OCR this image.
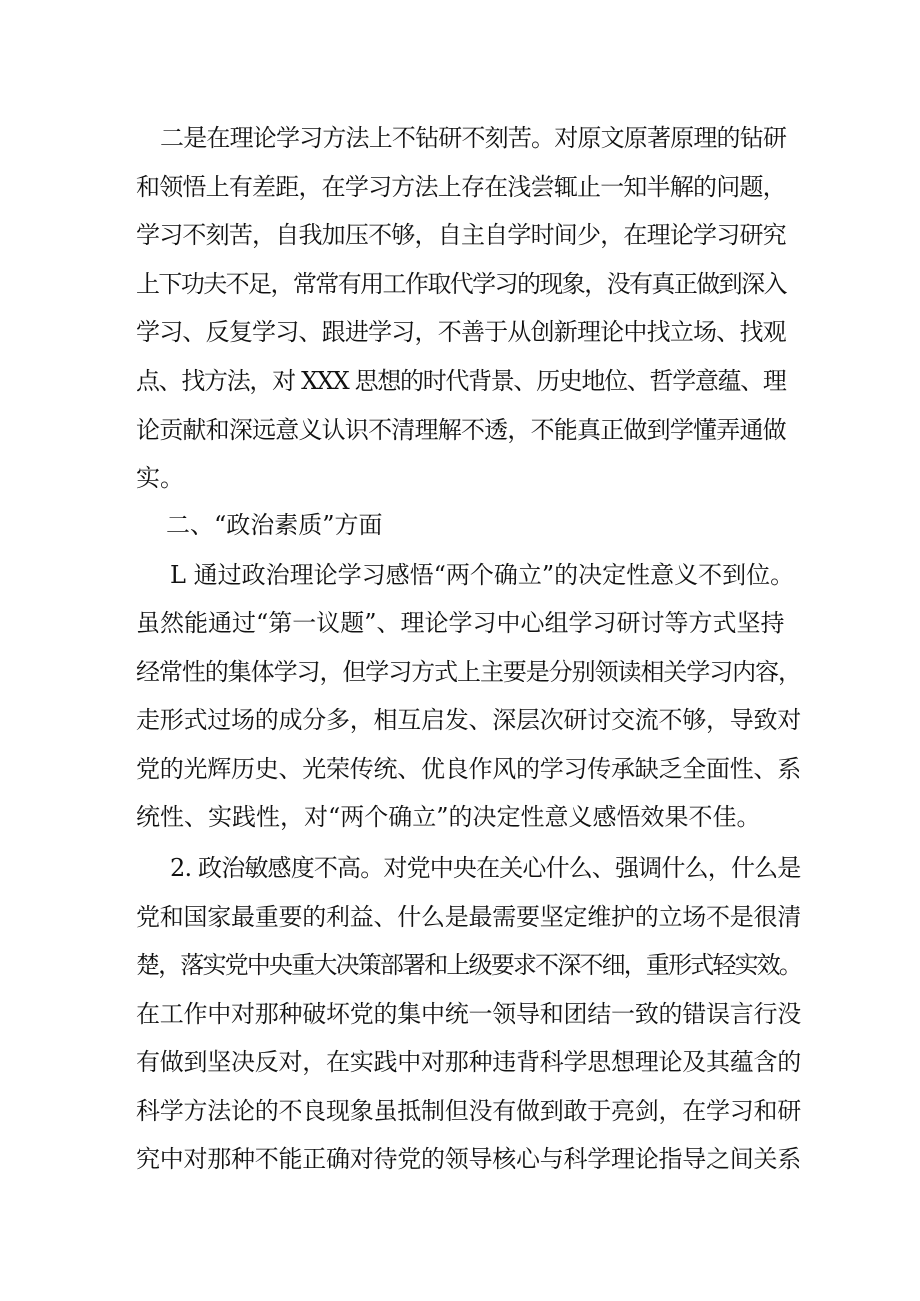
二是在理论学习方法上不钻研不刻苦。对原文原著原理的钻研
和领悟上有差距，在学习方法上存在浅尝辄止一知半解的问题，
学习不刻苦，自我加压不够，自主自学时间少，在理论学习研究
上下功夫不足，常常有用工作取代学习的现象，没有真正做到深入
学习、反复学习、跟进学习，不善于从创新理论中找立场、找观
点、找方法，对 XXX 思想的时代背景、历史地位、哲学意蕴、理
论贡献和深远意义认识不清理解不透，不能真正做到学懂弄通做
实。
二、“政治素质”方面
L 通过政治理论学习感悟“两个确立”的决定性意义不到位。
虽然能通过“第一议题”、理论学习中心组学习研讨等方式坚持
经常性的集体学习，但学习方式上主要是分别领读相关学习内容，
走形式过场的成分多，相互启发、深层次研讨交流不够，导致对
党的光辉历史、光荣传统、优良作风的学习传承缺乏全面性、系
统性、实践性，对“两个确立”的决定性意义感悟效果不佳。
2. 政治敏感度不高。对党中央在关心什么、强调什么，什么是
党和国家最重要的利益、什么是最需要坚定维护的立场不是很清
楚，落实党中央重大决策部署和上级要求不深不细，重形式轻实效。
在工作中对那种破坏党的集中统一领导和团结一致的错误言行没
有做到坚决反对，在实践中对那种违背科学思想理论及其蕴含的
科学方法论的不良现象虽抵制但没有做到敢于亮剑，在学习和研
究中对那种不能正确对待党的领导核心与科学理论指导之间关系
